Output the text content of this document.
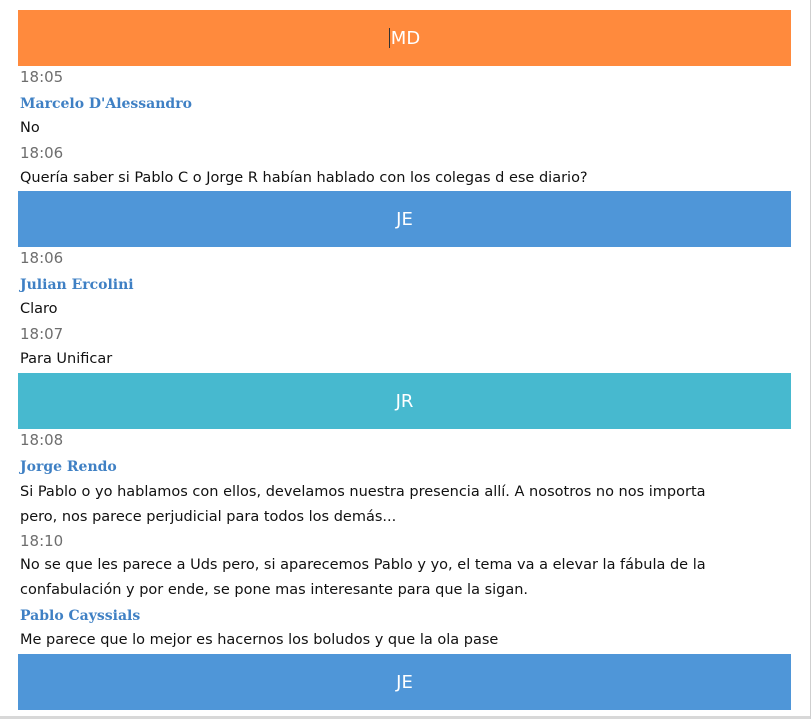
MD
18:05
Marcelo D'Alessandro
No
18:06
Quería saber si Pablo C o Jorge R habían hablado con los colegas d ese diario?
JE
18:06
Julian Ercolini
Claro
18:07
Para Unificar
JR
18:08
Jorge Rendo
Si Pablo o yo hablamos con ellos, develamos nuestra presencia allí. A nosotros no nos importa
pero, nos parece perjudicial para todos los demás...
18:10
No se que les parece a Uds pero, si aparecemos Pablo y yo, el tema va a elevar la fábula de la
confabulación y por ende, se pone mas interesante para que la sigan.
Pablo Cayssials
Me parece que lo mejor es hacernos los boludos y que la ola pase
JE
